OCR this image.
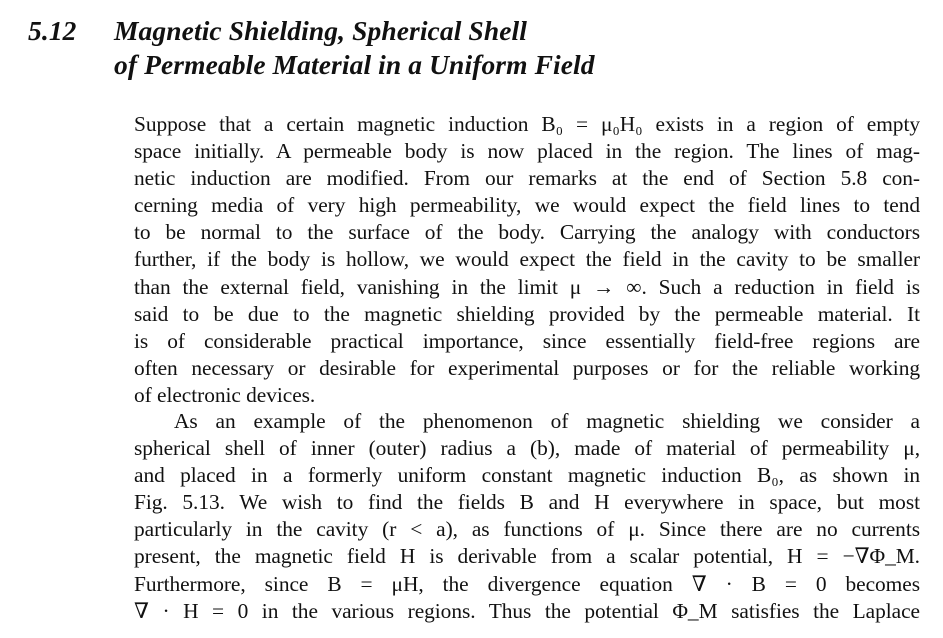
5.12 Magnetic Shielding, Spherical Shell
of Permeable Material in a Uniform Field
Suppose that a certain magnetic induction B₀ = μ₀H₀ exists in a region of empty
space initially. A permeable body is now placed in the region. The lines of mag-
netic induction are modified. From our remarks at the end of Section 5.8 con-
cerning media of very high permeability, we would expect the field lines to tend
to be normal to the surface of the body. Carrying the analogy with conductors
further, if the body is hollow, we would expect the field in the cavity to be smaller
than the external field, vanishing in the limit μ → ∞. Such a reduction in field is
said to be due to the magnetic shielding provided by the permeable material. It
is of considerable practical importance, since essentially field-free regions are
often necessary or desirable for experimental purposes or for the reliable working
of electronic devices.
As an example of the phenomenon of magnetic shielding we consider a
spherical shell of inner (outer) radius a (b), made of material of permeability μ,
and placed in a formerly uniform constant magnetic induction B₀, as shown in
Fig. 5.13. We wish to find the fields B and H everywhere in space, but most
particularly in the cavity (r < a), as functions of μ. Since there are no currents
present, the magnetic field H is derivable from a scalar potential, H = −∇Φ_M.
Furthermore, since B = μH, the divergence equation ∇ · B = 0 becomes
∇ · H = 0 in the various regions. Thus the potential Φ_M satisfies the Laplace
